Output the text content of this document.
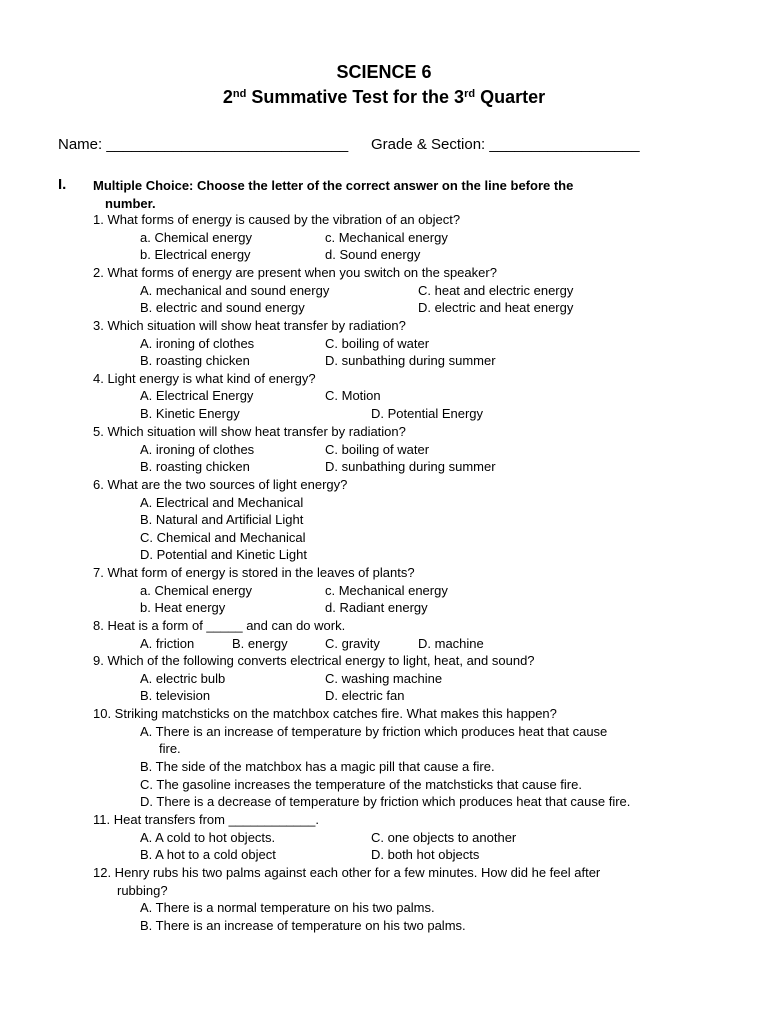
SCIENCE 6
2nd Summative Test for the 3rd Quarter
Name: _____________________________ Grade & Section: __________________
I. Multiple Choice: Choose the letter of the correct answer on the line before the
number.
1. What forms of energy is caused by the vibration of an object?
a. Chemical energy	c. Mechanical energy
b. Electrical energy	d. Sound energy
2. What forms of energy are present when you switch on the speaker?
A. mechanical and sound energy	C. heat and electric energy
B. electric and sound energy	D. electric and heat energy
3. Which situation will show heat transfer by radiation?
A. ironing of clothes	C. boiling of water
B. roasting chicken	D. sunbathing during summer
4. Light energy is what kind of energy?
A. Electrical Energy	C. Motion
B. Kinetic Energy	D. Potential Energy
5. Which situation will show heat transfer by radiation?
A. ironing of clothes	C. boiling of water
B. roasting chicken	D. sunbathing during summer
6. What are the two sources of light energy?
A. Electrical and Mechanical
B. Natural and Artificial Light
C. Chemical and Mechanical
D. Potential and Kinetic Light
7. What form of energy is stored in the leaves of plants?
a. Chemical energy	c. Mechanical energy
b. Heat energy	d. Radiant energy
8. Heat is a form of _____ and can do work.
A. friction	B. energy	C. gravity	D. machine
9. Which of the following converts electrical energy to light, heat, and sound?
A. electric bulb	C. washing machine
B. television	D. electric fan
10. Striking matchsticks on the matchbox catches fire. What makes this happen?
A. There is an increase of temperature by friction which produces heat that cause
fire.
B. The side of the matchbox has a magic pill that cause a fire.
C. The gasoline increases the temperature of the matchsticks that cause fire.
D. There is a decrease of temperature by friction which produces heat that cause fire.
11. Heat transfers from ____________.
A. A cold to hot objects.	C. one objects to another
B. A hot to a cold object	D. both hot objects
12. Henry rubs his two palms against each other for a few minutes. How did he feel after
rubbing?
A. There is a normal temperature on his two palms.
B. There is an increase of temperature on his two palms.
